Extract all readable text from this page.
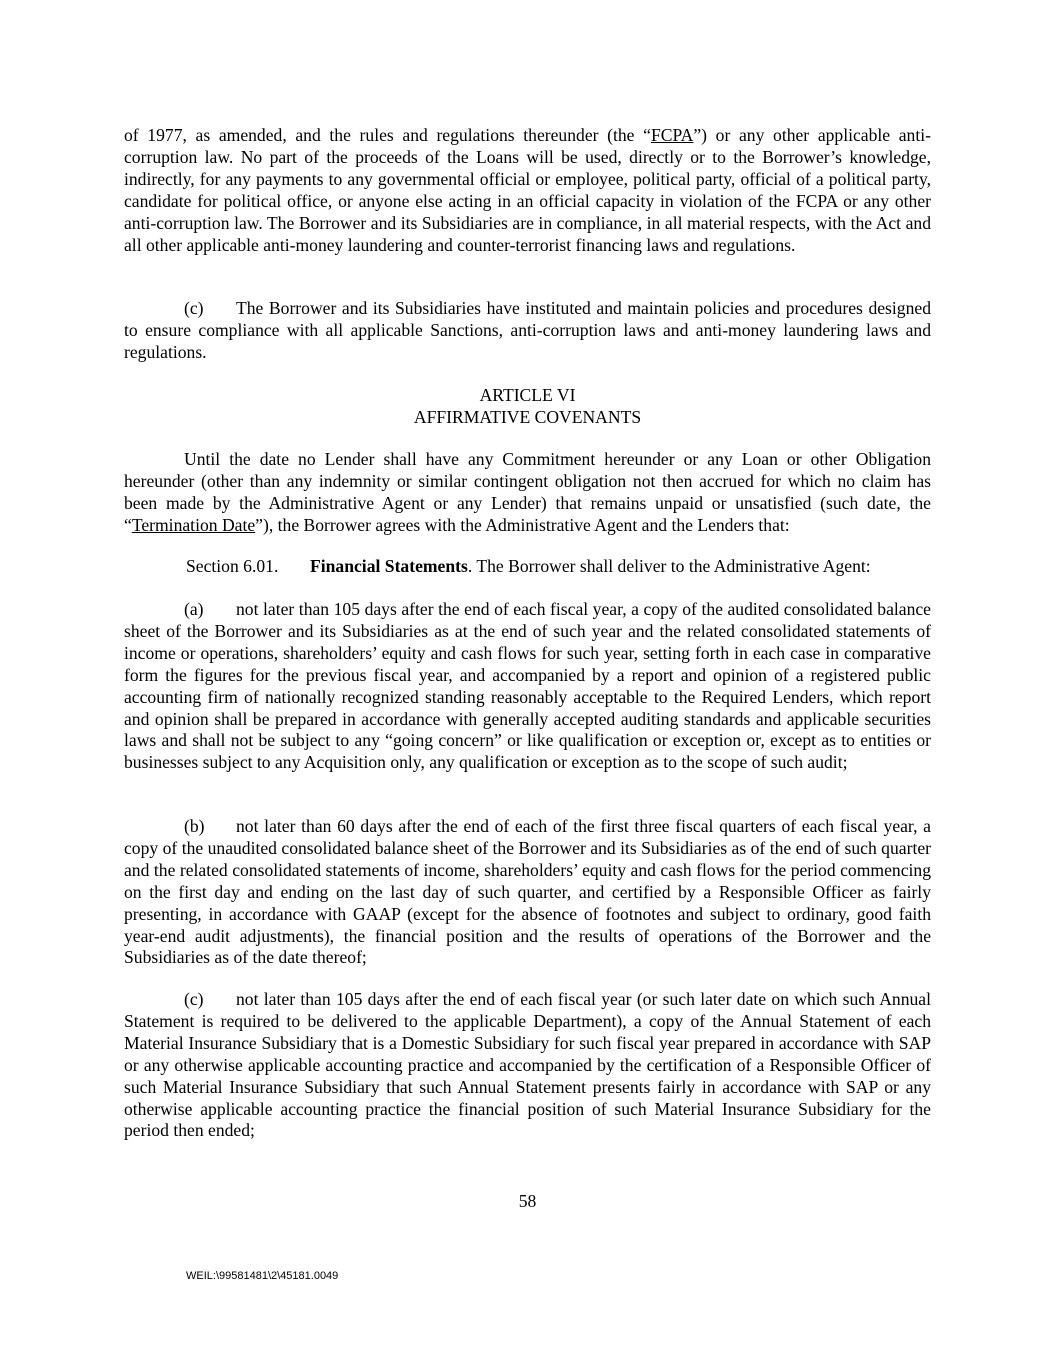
of 1977, as amended, and the rules and regulations thereunder (the “FCPA”) or any other applicable anti-corruption law. No part of the proceeds of the Loans will be used, directly or to the Borrower’s knowledge, indirectly, for any payments to any governmental official or employee, political party, official of a political party, candidate for political office, or anyone else acting in an official capacity in violation of the FCPA or any other anti-corruption law. The Borrower and its Subsidiaries are in compliance, in all material respects, with the Act and all other applicable anti-money laundering and counter-terrorist financing laws and regulations.

(c) The Borrower and its Subsidiaries have instituted and maintain policies and procedures designed to ensure compliance with all applicable Sanctions, anti-corruption laws and anti-money laundering laws and regulations.

ARTICLE VI

AFFIRMATIVE COVENANTS

Until the date no Lender shall have any Commitment hereunder or any Loan or other Obligation hereunder (other than any indemnity or similar contingent obligation not then accrued for which no claim has been made by the Administrative Agent or any Lender) that remains unpaid or unsatisfied (such date, the “Termination Date”), the Borrower agrees with the Administrative Agent and the Lenders that:

Section 6.01. Financial Statements. The Borrower shall deliver to the Administrative Agent:

(a) not later than 105 days after the end of each fiscal year, a copy of the audited consolidated balance sheet of the Borrower and its Subsidiaries as at the end of such year and the related consolidated statements of income or operations, shareholders’ equity and cash flows for such year, setting forth in each case in comparative form the figures for the previous fiscal year, and accompanied by a report and opinion of a registered public accounting firm of nationally recognized standing reasonably acceptable to the Required Lenders, which report and opinion shall be prepared in accordance with generally accepted auditing standards and applicable securities laws and shall not be subject to any “going concern” or like qualification or exception or, except as to entities or businesses subject to any Acquisition only, any qualification or exception as to the scope of such audit;

(b) not later than 60 days after the end of each of the first three fiscal quarters of each fiscal year, a copy of the unaudited consolidated balance sheet of the Borrower and its Subsidiaries as of the end of such quarter and the related consolidated statements of income, shareholders’ equity and cash flows for the period commencing on the first day and ending on the last day of such quarter, and certified by a Responsible Officer as fairly presenting, in accordance with GAAP (except for the absence of footnotes and subject to ordinary, good faith year-end audit adjustments), the financial position and the results of operations of the Borrower and the Subsidiaries as of the date thereof;

(c) not later than 105 days after the end of each fiscal year (or such later date on which such Annual Statement is required to be delivered to the applicable Department), a copy of the Annual Statement of each Material Insurance Subsidiary that is a Domestic Subsidiary for such fiscal year prepared in accordance with SAP or any otherwise applicable accounting practice and accompanied by the certification of a Responsible Officer of such Material Insurance Subsidiary that such Annual Statement presents fairly in accordance with SAP or any otherwise applicable accounting practice the financial position of such Material Insurance Subsidiary for the period then ended;

58

WEIL:\99581481\2\45181.0049
